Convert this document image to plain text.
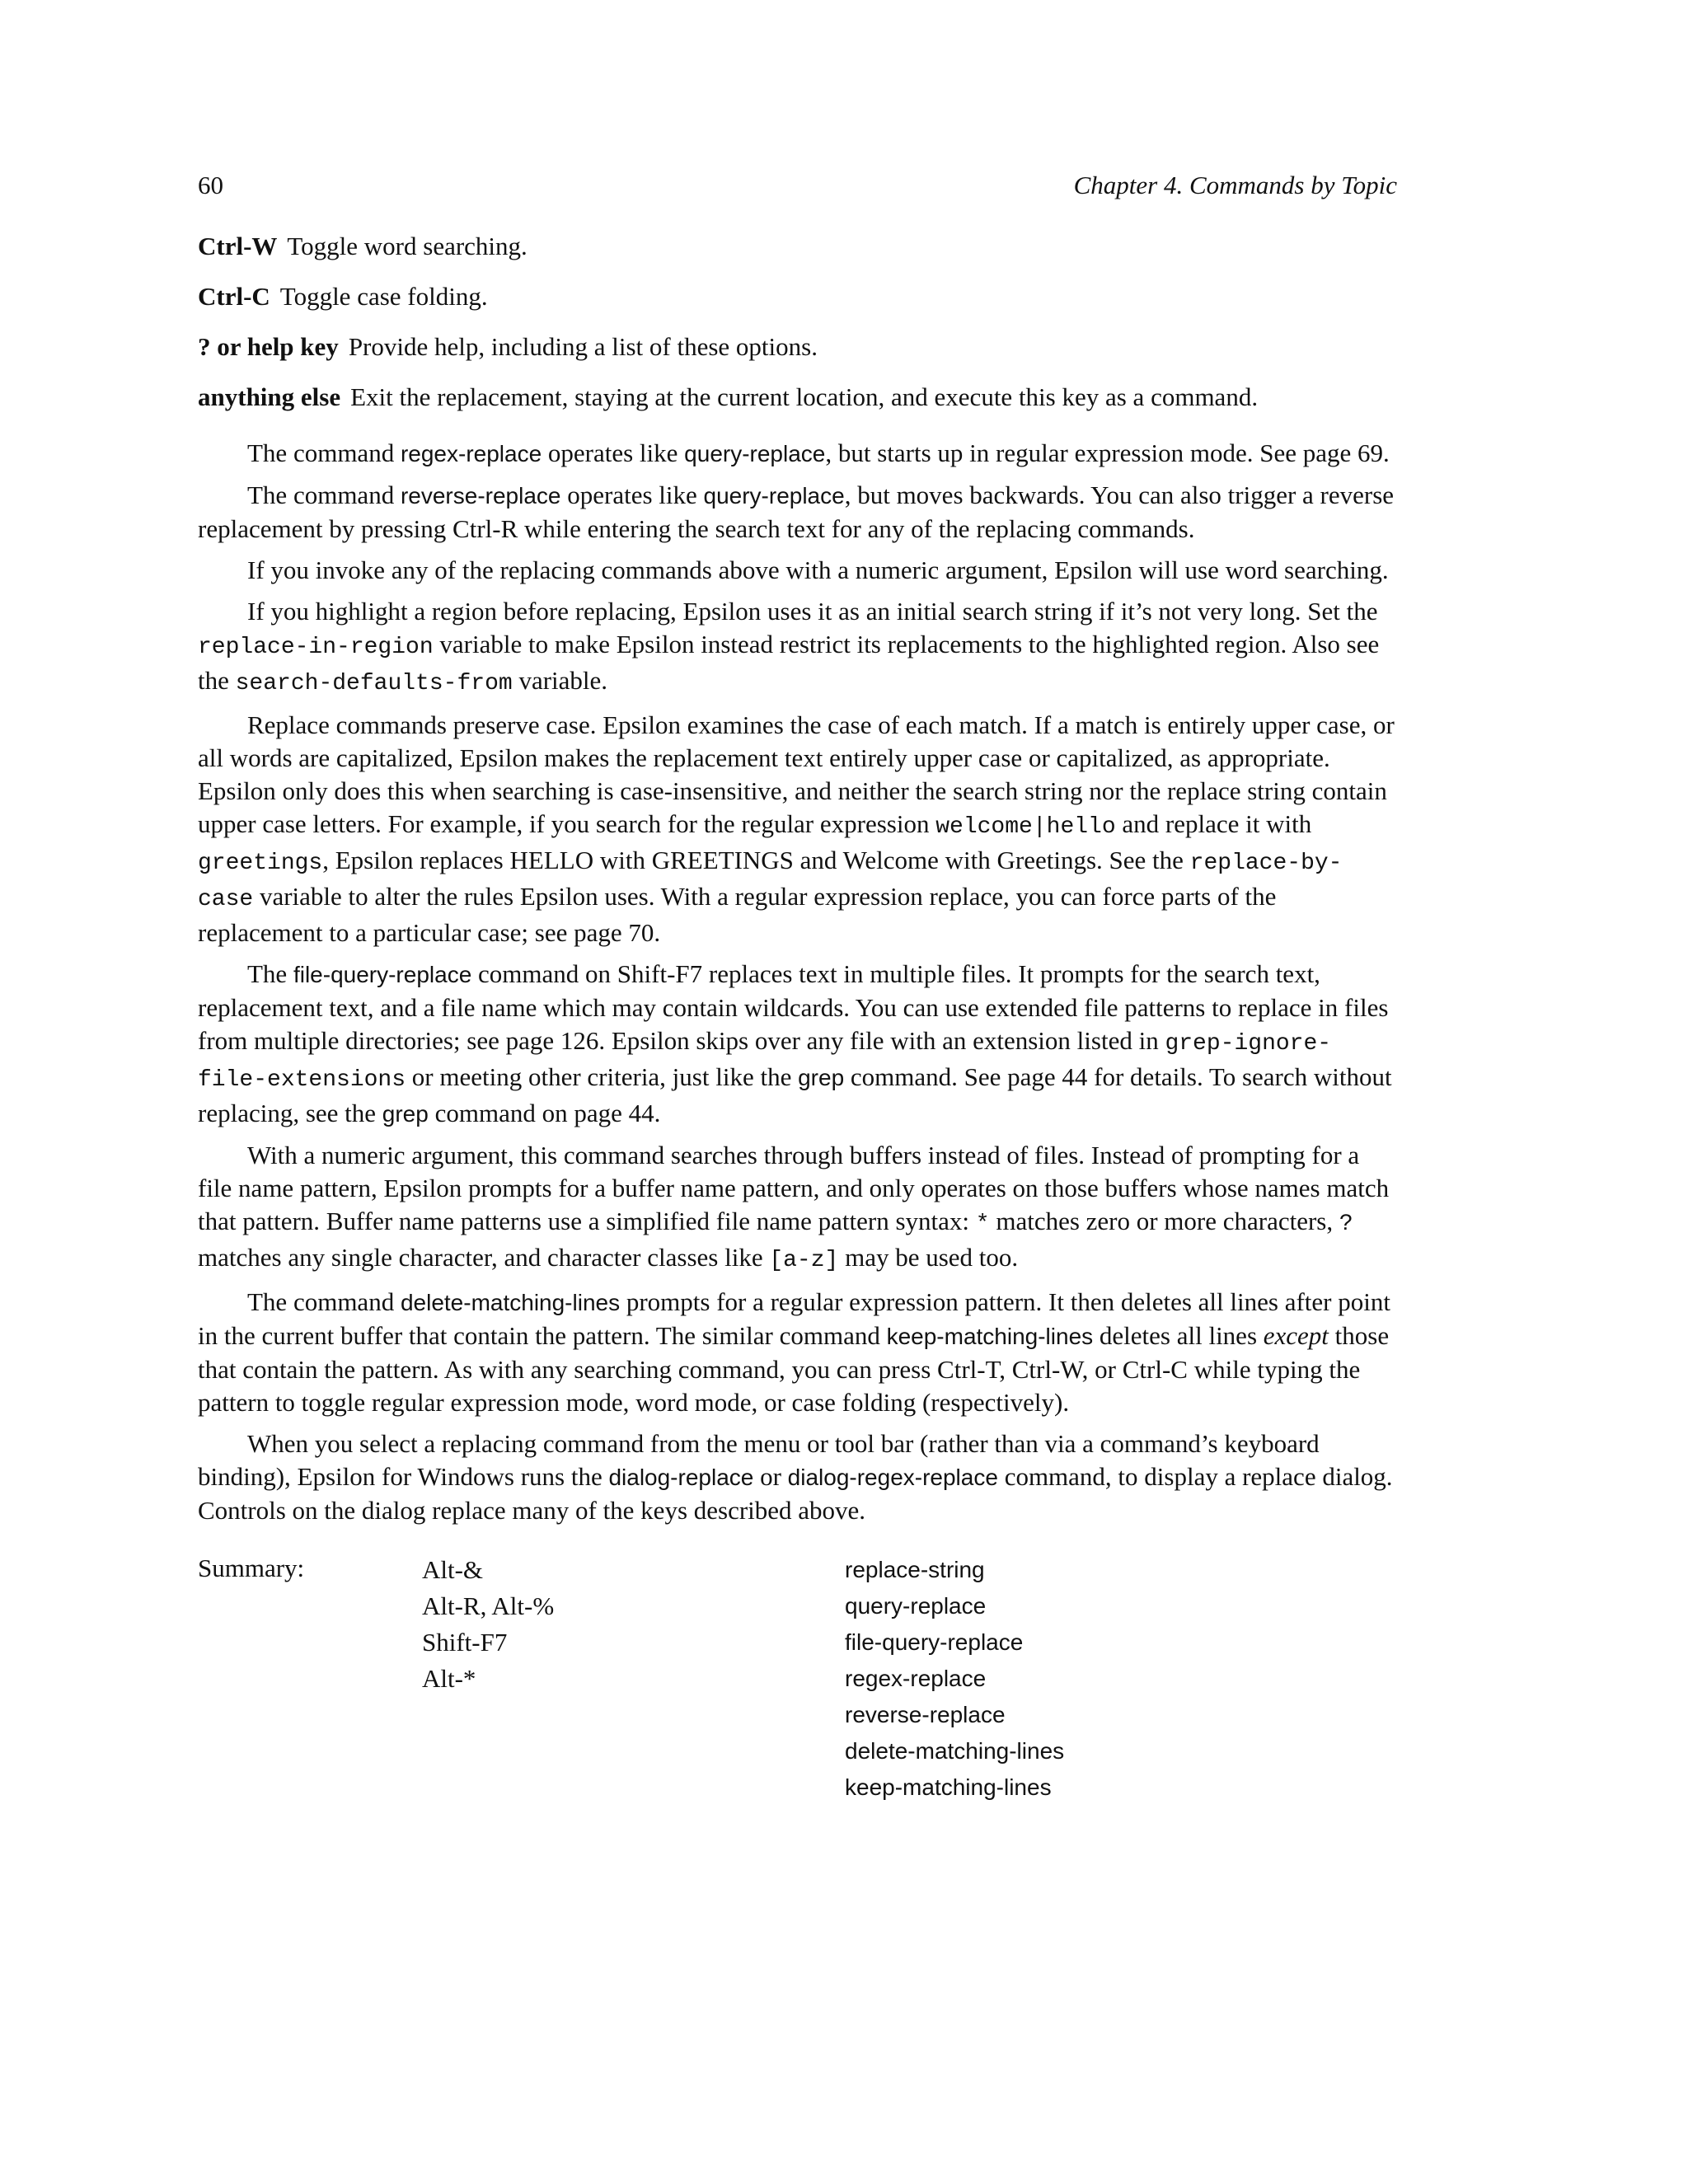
60	Chapter 4. Commands by Topic
Ctrl-W Toggle word searching.
Ctrl-C Toggle case folding.
? or help key Provide help, including a list of these options.
anything else Exit the replacement, staying at the current location, and execute this key as a command.

The command regex-replace operates like query-replace, but starts up in regular expression mode. See page 69.

The command reverse-replace operates like query-replace, but moves backwards. You can also trigger a reverse replacement by pressing Ctrl-R while entering the search text for any of the replacing commands.

If you invoke any of the replacing commands above with a numeric argument, Epsilon will use word searching.

If you highlight a region before replacing, Epsilon uses it as an initial search string if it’s not very long. Set the replace-in-region variable to make Epsilon instead restrict its replacements to the highlighted region. Also see the search-defaults-from variable.

Replace commands preserve case. Epsilon examines the case of each match. If a match is entirely upper case, or all words are capitalized, Epsilon makes the replacement text entirely upper case or capitalized, as appropriate. Epsilon only does this when searching is case-insensitive, and neither the search string nor the replace string contain upper case letters. For example, if you search for the regular expression welcome|hello and replace it with greetings, Epsilon replaces HELLO with GREETINGS and Welcome with Greetings. See the replace-by-case variable to alter the rules Epsilon uses. With a regular expression replace, you can force parts of the replacement to a particular case; see page 70.

The file-query-replace command on Shift-F7 replaces text in multiple files. It prompts for the search text, replacement text, and a file name which may contain wildcards. You can use extended file patterns to replace in files from multiple directories; see page 126. Epsilon skips over any file with an extension listed in grep-ignore-file-extensions or meeting other criteria, just like the grep command. See page 44 for details. To search without replacing, see the grep command on page 44.

With a numeric argument, this command searches through buffers instead of files. Instead of prompting for a file name pattern, Epsilon prompts for a buffer name pattern, and only operates on those buffers whose names match that pattern. Buffer name patterns use a simplified file name pattern syntax: * matches zero or more characters, ? matches any single character, and character classes like [a-z] may be used too.

The command delete-matching-lines prompts for a regular expression pattern. It then deletes all lines after point in the current buffer that contain the pattern. The similar command keep-matching-lines deletes all lines except those that contain the pattern. As with any searching command, you can press Ctrl-T, Ctrl-W, or Ctrl-C while typing the pattern to toggle regular expression mode, word mode, or case folding (respectively).

When you select a replacing command from the menu or tool bar (rather than via a command’s keyboard binding), Epsilon for Windows runs the dialog-replace or dialog-regex-replace command, to display a replace dialog. Controls on the dialog replace many of the keys described above.

Summary:	Alt-&
Alt-R, Alt-%
Shift-F7
Alt-*
replace-string
query-replace
file-query-replace
regex-replace
reverse-replace
delete-matching-lines
keep-matching-lines
